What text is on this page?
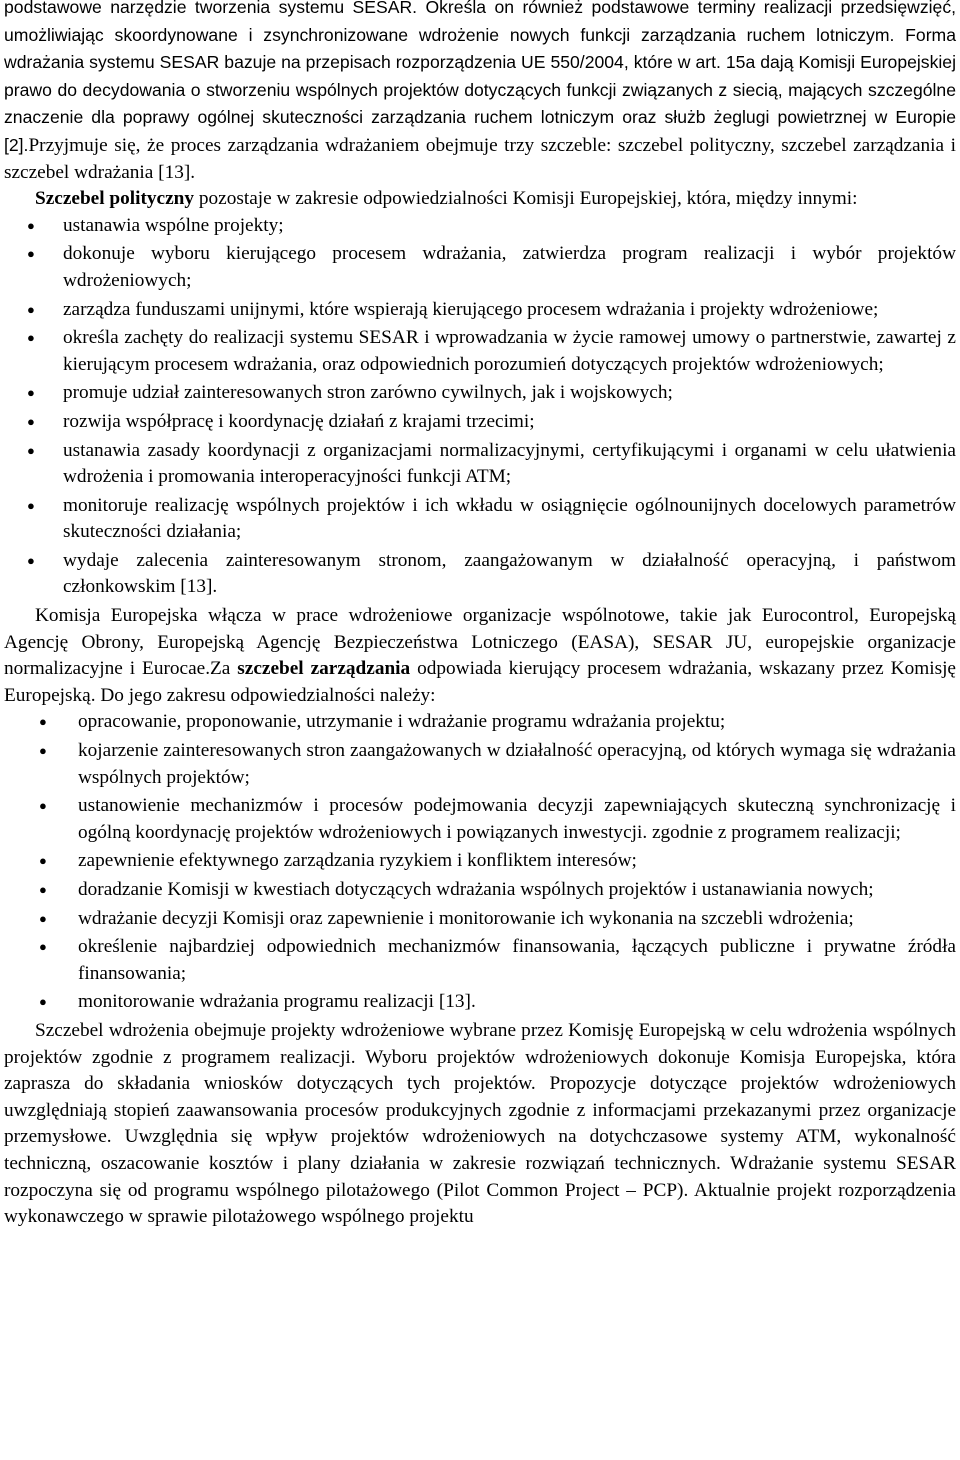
podstawowe narzędzie tworzenia systemu SESAR. Określa on również podstawowe terminy realizacji przedsięwzięć, umożliwiając skoordynowane i zsynchronizowane wdrożenie nowych funkcji zarządzania ruchem lotniczym. Forma wdrażania systemu SESAR bazuje na przepisach rozporządzenia UE 550/2004, które w art. 15a dają Komisji Europejskiej prawo do decydowania o stworzeniu wspólnych projektów dotyczących funkcji związanych z siecią, mających szczególne znaczenie dla poprawy ogólnej skuteczności zarządzania ruchem lotniczym oraz służb żeglugi powietrznej w Europie [2].Przyjmuje się, że proces zarządzania wdrażaniem obejmuje trzy szczeble: szczebel polityczny, szczebel zarządzania i szczebel wdrażania [13].

Szczebel polityczny pozostaje w zakresie odpowiedzialności Komisji Europejskiej, która, między innymi:

● ustanawia wspólne projekty;
● dokonuje wyboru kierującego procesem wdrażania, zatwierdza program realizacji i wybór projektów wdrożeniowych;
● zarządza funduszami unijnymi, które wspierają kierującego procesem wdrażania i projekty wdrożeniowe;
● określa zachęty do realizacji systemu SESAR i wprowadzania w życie ramowej umowy o partnerstwie, zawartej z kierującym procesem wdrażania, oraz odpowiednich porozumień dotyczących projektów wdrożeniowych;
● promuje udział zainteresowanych stron zarówno cywilnych, jak i wojskowych;
● rozwija współpracę i koordynację działań z krajami trzecimi;
● ustanawia zasady koordynacji z organizacjami normalizacyjnymi, certyfikującymi i organami w celu ułatwienia wdrożenia i promowania interoperacyjności funkcji ATM;
● monitoruje realizację wspólnych projektów i ich wkładu w osiągnięcie ogólnounijnych docelowych parametrów skuteczności działania;
● wydaje zalecenia zainteresowanym stronom, zaangażowanym w działalność operacyjną, i państwom członkowskim [13].

Komisja Europejska włącza w prace wdrożeniowe organizacje wspólnotowe, takie jak Eurocontrol, Europejską Agencję Obrony, Europejską Agencję Bezpieczeństwa Lotniczego (EASA), SESAR JU, europejskie organizacje normalizacyjne i Eurocae.Za szczebel zarządzania odpowiada kierujący procesem wdrażania, wskazany przez Komisję Europejską. Do jego zakresu odpowiedzialności należy:

● opracowanie, proponowanie, utrzymanie i wdrażanie programu wdrażania projektu;
● kojarzenie zainteresowanych stron zaangażowanych w działalność operacyjną, od których wymaga się wdrażania wspólnych projektów;
● ustanowienie mechanizmów i procesów podejmowania decyzji zapewniających skuteczną synchronizację i ogólną koordynację projektów wdrożeniowych i powiązanych inwestycji. zgodnie z programem realizacji;
● zapewnienie efektywnego zarządzania ryzykiem i konfliktem interesów;
● doradzanie Komisji w kwestiach dotyczących wdrażania wspólnych projektów i ustanawiania nowych;
● wdrażanie decyzji Komisji oraz zapewnienie i monitorowanie ich wykonania na szczebli wdrożenia;
● określenie najbardziej odpowiednich mechanizmów finansowania, łączących publiczne i prywatne źródła finansowania;
● monitorowanie wdrażania programu realizacji [13].

Szczebel wdrożenia obejmuje projekty wdrożeniowe wybrane przez Komisję Europejską w celu wdrożenia wspólnych projektów zgodnie z programem realizacji. Wyboru projektów wdrożeniowych dokonuje Komisja Europejska, która zaprasza do składania wniosków dotyczących tych projektów. Propozycje dotyczące projektów wdrożeniowych uwzględniają stopień zaawansowania procesów produkcyjnych zgodnie z informacjami przekazanymi przez organizacje przemysłowe. Uwzględnia się wpływ projektów wdrożeniowych na dotychczasowe systemy ATM, wykonalność techniczną, oszacowanie kosztów i plany działania w zakresie rozwiązań technicznych. Wdrażanie systemu SESAR rozpoczyna się od programu wspólnego pilotażowego (Pilot Common Project – PCP). Aktualnie projekt rozporządzenia wykonawczego w sprawie pilotażowego wspólnego projektu
